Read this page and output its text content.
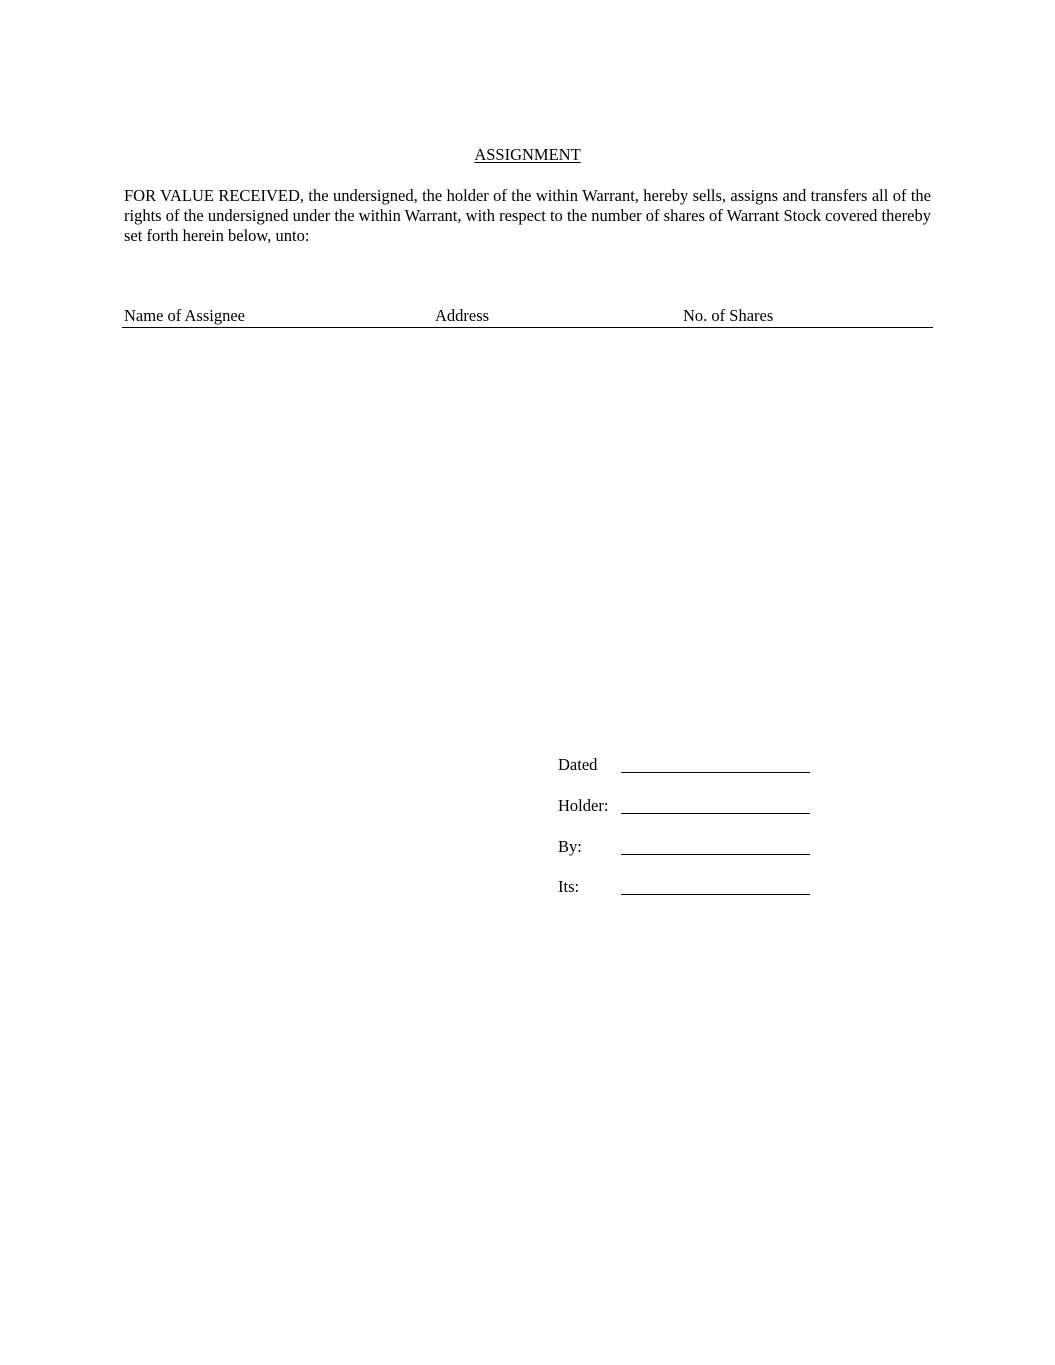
ASSIGNMENT

FOR VALUE RECEIVED, the undersigned, the holder of the within Warrant, hereby sells, assigns and transfers all of the rights of the undersigned under the within Warrant, with respect to the number of shares of Warrant Stock covered thereby set forth herein below, unto:

Name of Assignee	Address	No. of Shares
Dated
Holder:
By:
Its:
